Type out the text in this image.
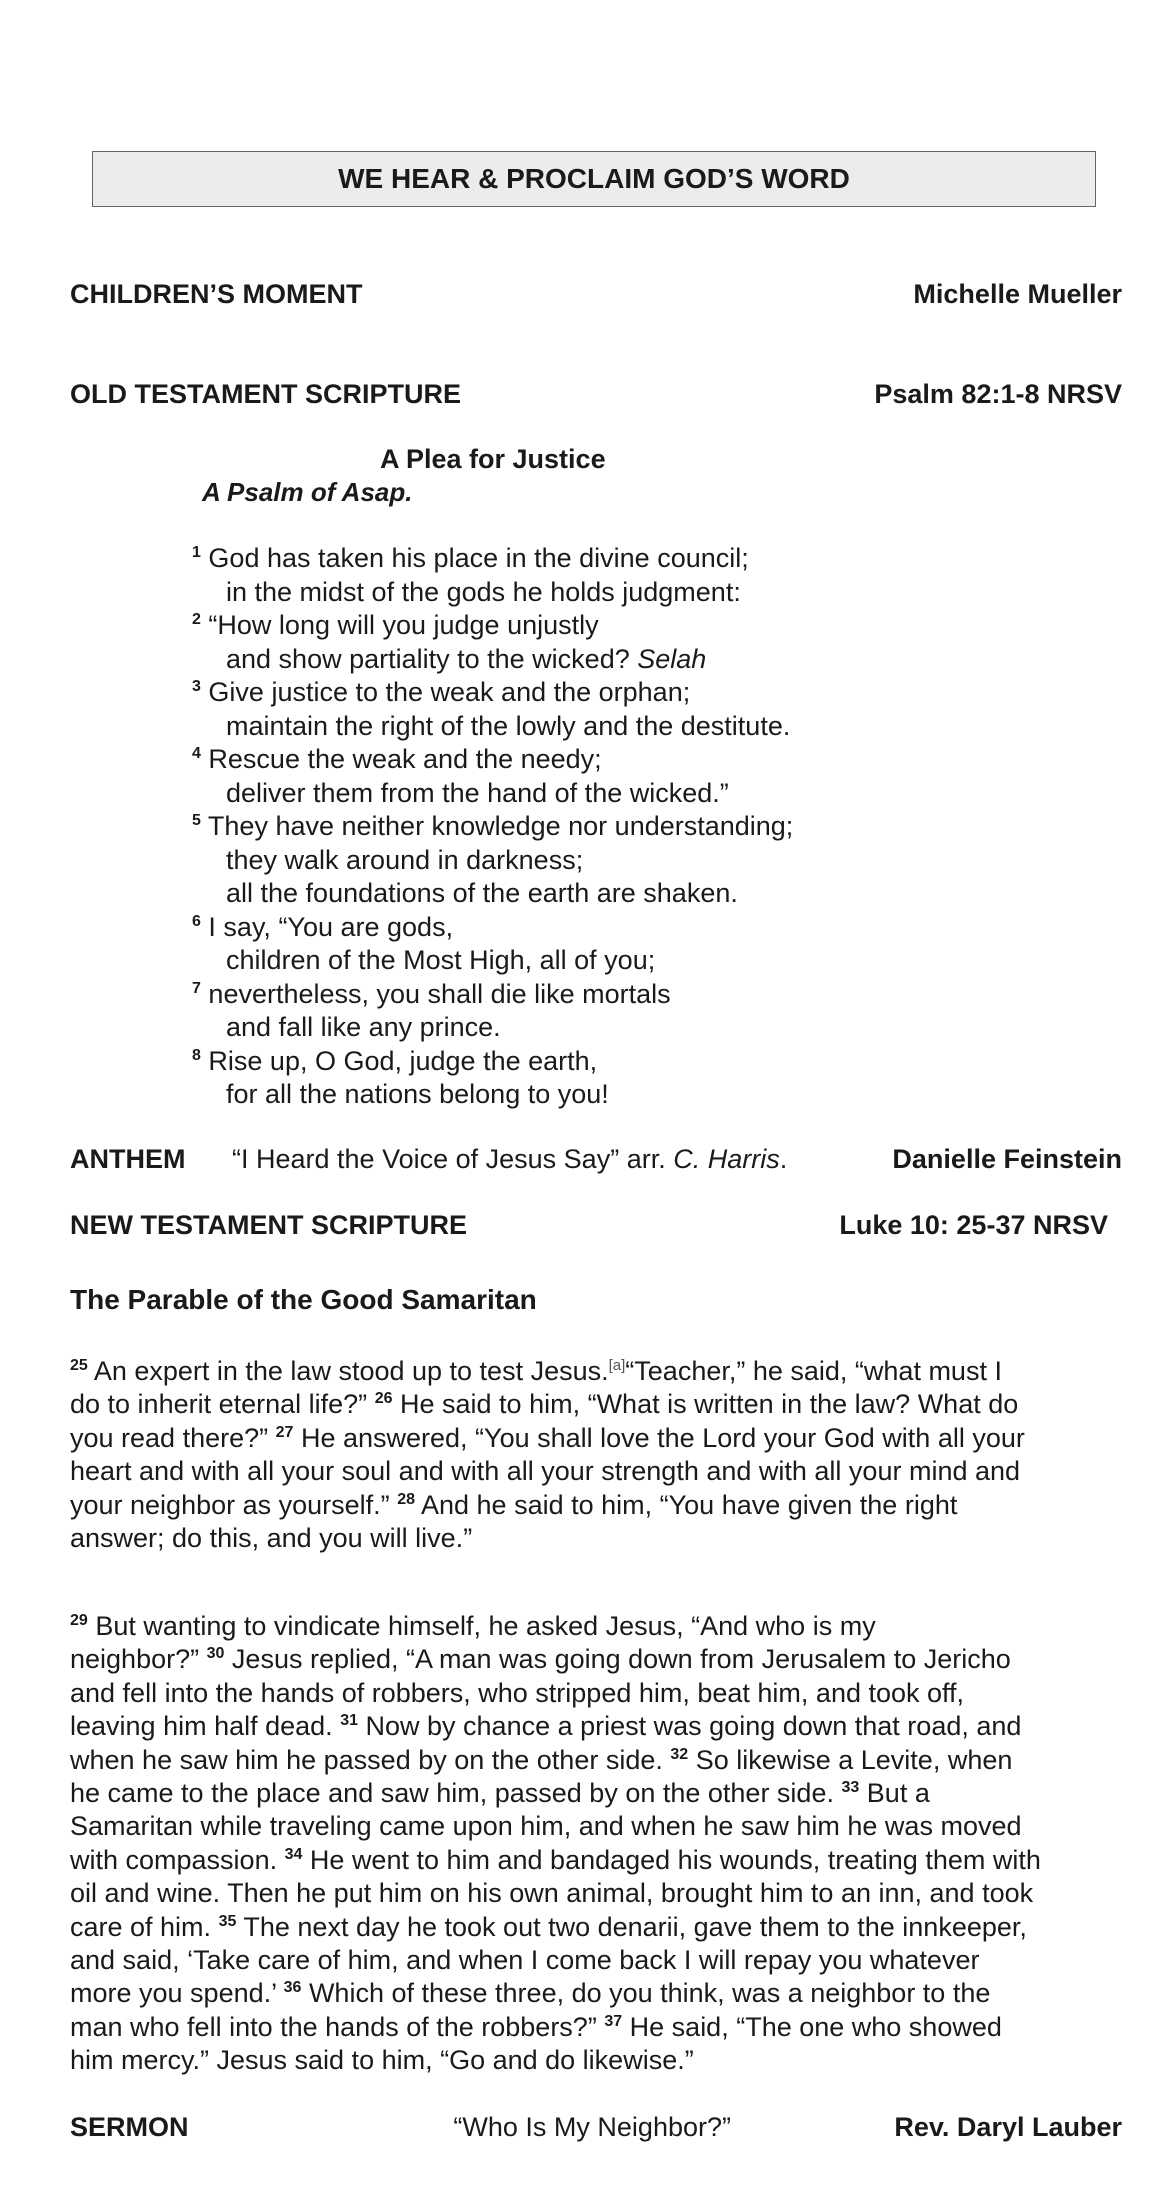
WE HEAR & PROCLAIM GOD’S WORD
CHILDREN’S MOMENT	Michelle Mueller
OLD TESTAMENT SCRIPTURE	Psalm 82:1-8 NRSV
A Plea for Justice
A Psalm of Asap.
$^1$ God has taken his place in the divine council;
in the midst of the gods he holds judgment:
$^2$ “How long will you judge unjustly
and show partiality to the wicked? Selah
$^3$ Give justice to the weak and the orphan;
maintain the right of the lowly and the destitute.
$^4$ Rescue the weak and the needy;
deliver them from the hand of the wicked.”
$^5$ They have neither knowledge nor understanding;
they walk around in darkness;
all the foundations of the earth are shaken.
$^6$ I say, “You are gods,
children of the Most High, all of you;
$^7$ nevertheless, you shall die like mortals
and fall like any prince.
$^8$ Rise up, O God, judge the earth,
for all the nations belong to you!
ANTHEM “I Heard the Voice of Jesus Say” arr. C. Harris.	Danielle Feinstein
NEW TESTAMENT SCRIPTURE	Luke 10: 25-37 NRSV
The Parable of the Good Samaritan
$^{25}$ An expert in the law stood up to test Jesus.[a]“Teacher,” he said, “what must I
do to inherit eternal life?” $^{26}$ He said to him, “What is written in the law? What do
you read there?” $^{27}$ He answered, “You shall love the Lord your God with all your
heart and with all your soul and with all your strength and with all your mind and
your neighbor as yourself.” $^{28}$ And he said to him, “You have given the right
answer; do this, and you will live.”
$^{29}$ But wanting to vindicate himself, he asked Jesus, “And who is my
neighbor?” $^{30}$ Jesus replied, “A man was going down from Jerusalem to Jericho
and fell into the hands of robbers, who stripped him, beat him, and took off,
leaving him half dead. $^{31}$ Now by chance a priest was going down that road, and
when he saw him he passed by on the other side. $^{32}$ So likewise a Levite, when
he came to the place and saw him, passed by on the other side. $^{33}$ But a
Samaritan while traveling came upon him, and when he saw him he was moved
with compassion. $^{34}$ He went to him and bandaged his wounds, treating them with
oil and wine. Then he put him on his own animal, brought him to an inn, and took
care of him. $^{35}$ The next day he took out two denarii, gave them to the innkeeper,
and said, ‘Take care of him, and when I come back I will repay you whatever
more you spend.’ $^{36}$ Which of these three, do you think, was a neighbor to the
man who fell into the hands of the robbers?” $^{37}$ He said, “The one who showed
him mercy.” Jesus said to him, “Go and do likewise.”
SERMON	“Who Is My Neighbor?”	Rev. Daryl Lauber
